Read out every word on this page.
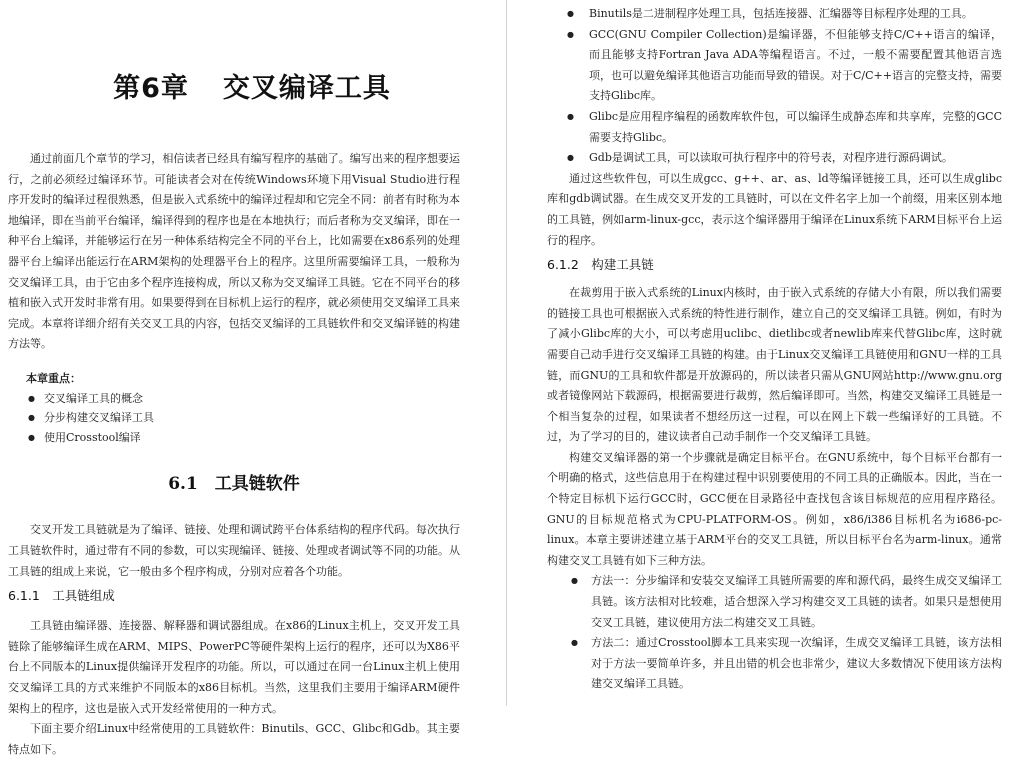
第6章 交叉编译工具

通过前面几个章节的学习，相信读者已经具有编写程序的基础了。编写出来的程序想要运行，之前必须经过编译环节。可能读者会对在传统Windows环境下用Visual Studio进行程序开发时的编译过程很熟悉，但是嵌入式系统中的编译过程却和它完全不同：前者有时称为本地编译，即在当前平台编译，编译得到的程序也是在本地执行；而后者称为交叉编译，即在一种平台上编译，并能够运行在另一种体系结构完全不同的平台上，比如需要在x86系列的处理器平台上编译出能运行在ARM架构的处理器平台上的程序。这里所需要编译工具，一般称为交叉编译工具，由于它由多个程序连接构成，所以又称为交叉编译工具链。它在不同平台的移植和嵌入式开发时非常有用。如果要得到在目标机上运行的程序，就必须使用交叉编译工具来完成。本章将详细介绍有关交叉工具的内容，包括交叉编译的工具链软件和交叉编译链的构建方法等。

本章重点：
● 交叉编译工具的概念
● 分步构建交叉编译工具
● 使用Crosstool编译
6.1　工具链软件

交叉开发工具链就是为了编译、链接、处理和调试跨平台体系结构的程序代码。每次执行工具链软件时，通过带有不同的参数，可以实现编译、链接、处理或者调试等不同的功能。从工具链的组成上来说，它一般由多个程序构成，分别对应着各个功能。

6.1.1　工具链组成

工具链由编译器、连接器、解释器和调试器组成。在x86的Linux主机上，交叉开发工具链除了能够编译生成在ARM、MIPS、PowerPC等硬件架构上运行的程序，还可以为X86平台上不同版本的Linux提供编译开发程序的功能。所以，可以通过在同一台Linux主机上使用交叉编译工具的方式来维护不同版本的x86目标机。当然，这里我们主要用于编译ARM硬件架构上的程序，这也是嵌入式开发经常使用的一种方式。

下面主要介绍Linux中经常使用的工具链软件：Binutils、GCC、Glibc和Gdb。其主要特点如下。

● Binutils是二进制程序处理工具，包括连接器、汇编器等目标程序处理的工具。
● GCC(GNU Compiler Collection)是编译器，不但能够支持C/C++语言的编译，而且能够支持Fortran Java ADA等编程语言。不过，一般不需要配置其他语言选项，也可以避免编译其他语言功能而导致的错误。对于C/C++语言的完整支持，需要支持Glibc库。
● Glibc是应用程序编程的函数库软件包，可以编译生成静态库和共享库，完整的GCC需要支持Glibc。
● Gdb是调试工具，可以读取可执行程序中的符号表，对程序进行源码调试。

通过这些软件包，可以生成gcc、g++、ar、as、ld等编译链接工具，还可以生成glibc库和gdb调试器。在生成交叉开发的工具链时，可以在文件名字上加一个前缀，用来区别本地的工具链，例如arm-linux-gcc，表示这个编译器用于编译在Linux系统下ARM目标平台上运行的程序。

6.1.2　构建工具链

在裁剪用于嵌入式系统的Linux内核时，由于嵌入式系统的存储大小有限，所以我们需要的链接工具也可根据嵌入式系统的特性进行制作，建立自己的交叉编译工具链。例如，有时为了减小Glibc库的大小，可以考虑用uclibc、dietlibc或者newlib库来代替Glibc库，这时就需要自己动手进行交叉编译工具链的构建。由于Linux交叉编译工具链使用和GNU一样的工具链，而GNU的工具和软件都是开放源码的，所以读者只需从GNU网站http://www.gnu.org或者镜像网站下载源码，根据需要进行裁剪，然后编译即可。当然，构建交叉编译工具链是一个相当复杂的过程，如果读者不想经历这一过程，可以在网上下载一些编译好的工具链。不过，为了学习的目的，建议读者自己动手制作一个交叉编译工具链。

构建交叉编译器的第一个步骤就是确定目标平台。在GNU系统中，每个目标平台都有一个明确的格式，这些信息用于在构建过程中识别要使用的不同工具的正确版本。因此，当在一个特定目标机下运行GCC时，GCC便在目录路径中查找包含该目标规范的应用程序路径。GNU的目标规范格式为CPU-PLATFORM-OS。例如，x86/i386目标机名为i686-pc-linux。本章主要讲述建立基于ARM平台的交叉工具链，所以目标平台名为arm-linux。通常构建交叉工具链有如下三种方法。

● 方法一：分步编译和安装交叉编译工具链所需要的库和源代码，最终生成交叉编译工具链。该方法相对比较难，适合想深入学习构建交叉工具链的读者。如果只是想使用交叉工具链，建议使用方法二构建交叉工具链。
● 方法二：通过Crosstool脚本工具来实现一次编译，生成交叉编译工具链，该方法相对于方法一要简单许多，并且出错的机会也非常少，建议大多数情况下使用该方法构建交叉编译工具链。
